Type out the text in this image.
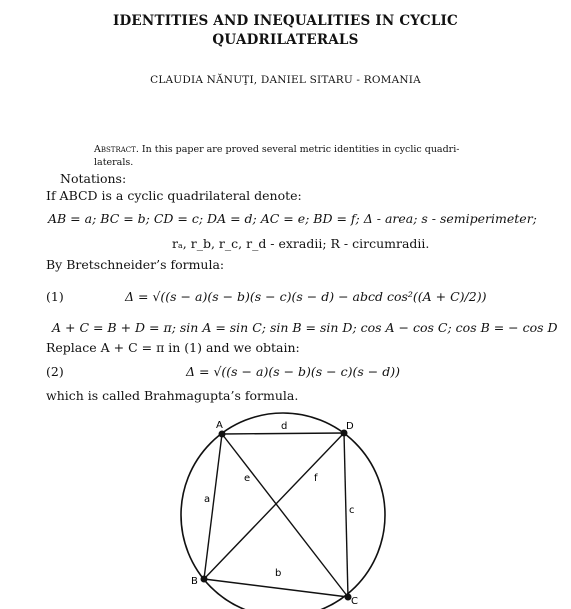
IDENTITIES AND INEQUALITIES IN CYCLIC
QUADRILATERALS
CLAUDIA NĂNUŢI, DANIEL SITARU - ROMANIA
Abstract. In this paper are proved several metric identities in cyclic quadri-
laterals.
Notations:
If ABCD is a cyclic quadrilateral denote:
AB = a; BC = b; CD = c; DA = d; AC = e; BD = f; Δ - area; s - semiperimeter;
rₐ, r_b, r_c, r_d - exradii; R - circumradii.
By Bretschneider’s formula:
(1)	Δ = √((s − a)(s − b)(s − c)(s − d) − abcd cos²((A + C)/2))
A + C = B + D = π; sin A = sin C; sin B = sin D; cos A − cos C; cos B = − cos D
Replace A + C = π in (1) and we obtain:
(2)	Δ = √((s − a)(s − b)(s − c)(s − d))
which is called Brahmagupta’s formula.
A	D
B
C
d
a
b
c
e	f
